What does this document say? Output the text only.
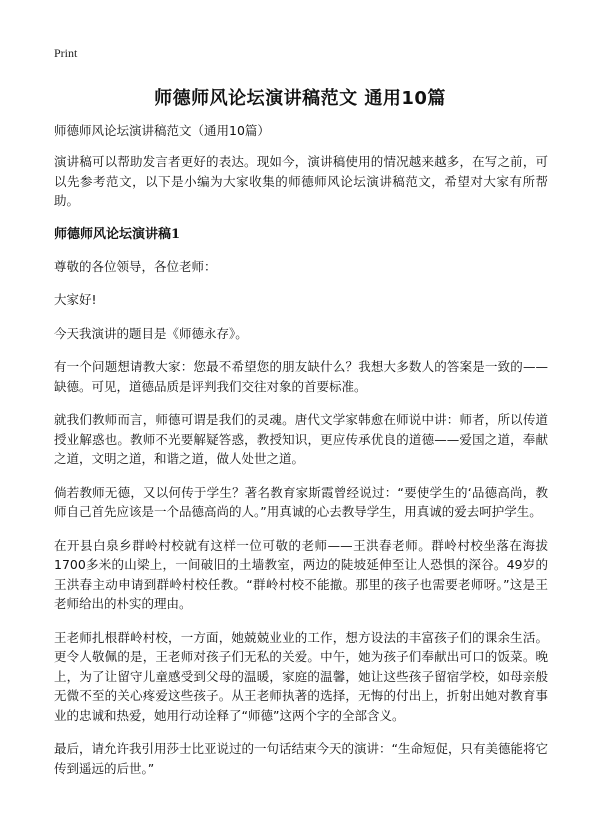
Print
师德师风论坛演讲稿范文 通用10篇

师德师风论坛演讲稿范文（通用10篇）

演讲稿可以帮助发言者更好的表达。现如今，演讲稿使用的情况越来越多，在写之前，可以先参考范文，以下是小编为大家收集的师德师风论坛演讲稿范文，希望对大家有所帮助。

师德师风论坛演讲稿1

尊敬的各位领导，各位老师：

大家好!

今天我演讲的题目是《师德永存》。

有一个问题想请教大家：您最不希望您的朋友缺什么？我想大多数人的答案是一致的——缺德。可见，道德品质是评判我们交往对象的首要标准。

就我们教师而言，师德可谓是我们的灵魂。唐代文学家韩愈在师说中讲：师者，所以传道授业解惑也。教师不光要解疑答惑，教授知识，更应传承优良的道德——爱国之道，奉献之道，文明之道，和谐之道，做人处世之道。

倘若教师无德，又以何传于学生？著名教育家斯霞曾经说过：“要使学生的‘品德高尚，教师自己首先应该是一个品德高尚的人。”用真诚的心去教导学生，用真诚的爱去呵护学生。

在开县白泉乡群岭村校就有这样一位可敬的老师——王洪春老师。群岭村校坐落在海拔1700多米的山梁上，一间破旧的土墙教室，两边的陡坡延伸至让人恐惧的深谷。49岁的王洪春主动申请到群岭村校任教。“群岭村校不能撤。那里的孩子也需要老师呀。”这是王老师给出的朴实的理由。

王老师扎根群岭村校，一方面，她兢兢业业的工作，想方设法的丰富孩子们的课余生活。更令人敬佩的是，王老师对孩子们无私的关爱。中午，她为孩子们奉献出可口的饭菜。晚上，为了让留守儿童感受到父母的温暖，家庭的温馨，她让这些孩子留宿学校，如母亲般无微不至的关心疼爱这些孩子。从王老师执著的选择，无悔的付出上，折射出她对教育事业的忠诚和热爱，她用行动诠释了“师德”这两个字的全部含义。

最后，请允许我引用莎士比亚说过的一句话结束今天的演讲：“生命短促，只有美德能将它传到遥远的后世。”
